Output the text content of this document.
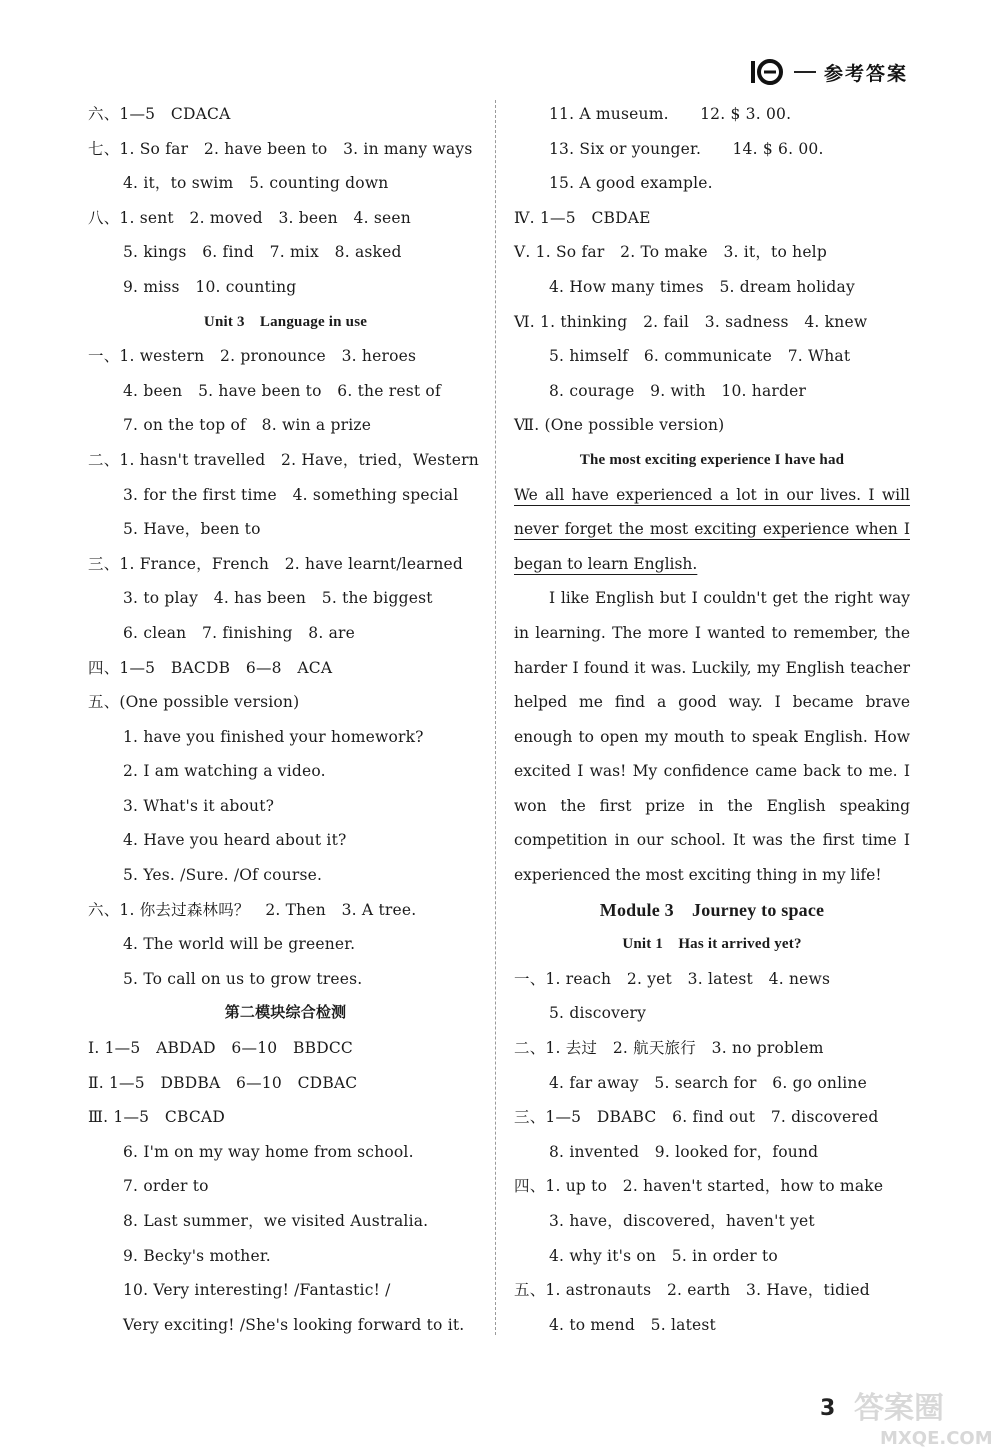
参考答案
六、1—5　CDACA
七、1. So far　2. have been to　3. in many ways
4. it，to swim　5. counting down
八、1. sent　2. moved　3. been　4. seen
5. kings　6. find　7. mix　8. asked
9. miss　10. counting
Unit 3　Language in use
一、1. western　2. pronounce　3. heroes
4. been　5. have been to　6. the rest of
7. on the top of　8. win a prize
二、1. hasn't travelled　2. Have，tried，Western
3. for the first time　4. something special
5. Have，been to
三、1. France，French　2. have learnt/learned
3. to play　4. has been　5. the biggest
6. clean　7. finishing　8. are
四、1—5　BACDB　6—8　ACA
五、(One possible version)
1. have you finished your homework?
2. I am watching a video.
3. What's it about?
4. Have you heard about it?
5. Yes. /Sure. /Of course.
六、1. 你去过森林吗？　2. Then　3. A tree.
4. The world will be greener.
5. To call on us to grow trees.
第二模块综合检测
Ⅰ. 1—5　ABDAD　6—10　BBDCC
Ⅱ. 1—5　DBDBA　6—10　CDBAC
Ⅲ. 1—5　CBCAD
6. I'm on my way home from school.
7. order to
8. Last summer，we visited Australia.
9. Becky's mother.
10. Very interesting! /Fantastic! /
Very exciting! /She's looking forward to it.
11. A museum.　　12. $ 3. 00.
13. Six or younger.　　14. $ 6. 00.
15. A good example.
Ⅳ. 1—5　CBDAE
Ⅴ. 1. So far　2. To make　3. it，to help
4. How many times　5. dream holiday
Ⅵ. 1. thinking　2. fail　3. sadness　4. knew
5. himself　6. communicate　7. What
8. courage　9. with　10. harder
Ⅶ. (One possible version)
The most exciting experience I have had
We all have experienced a lot in our lives. I will never forget the most exciting experience when I began to learn English.

I like English but I couldn't get the right way in learning. The more I wanted to remember, the harder I found it was. Luckily, my English teacher helped me find a good way. I became brave enough to open my mouth to speak English. How excited I was! My confidence came back to me. I won the first prize in the English speaking competition in our school. It was the first time I experienced the most exciting thing in my life!

Module 3　Journey to space
Unit 1　Has it arrived yet?
一、1. reach　2. yet　3. latest　4. news
5. discovery
二、1. 去过　2. 航天旅行　3. no problem
4. far away　5. search for　6. go online
三、1—5　DBABC　6. find out　7. discovered
8. invented　9. looked for，found
四、1. up to　2. haven't started，how to make
3. have，discovered，haven't yet
4. why it's on　5. in order to
五、1. astronauts　2. earth　3. Have，tidied
4. to mend　5. latest
3 答案圈
MXQE.COM
